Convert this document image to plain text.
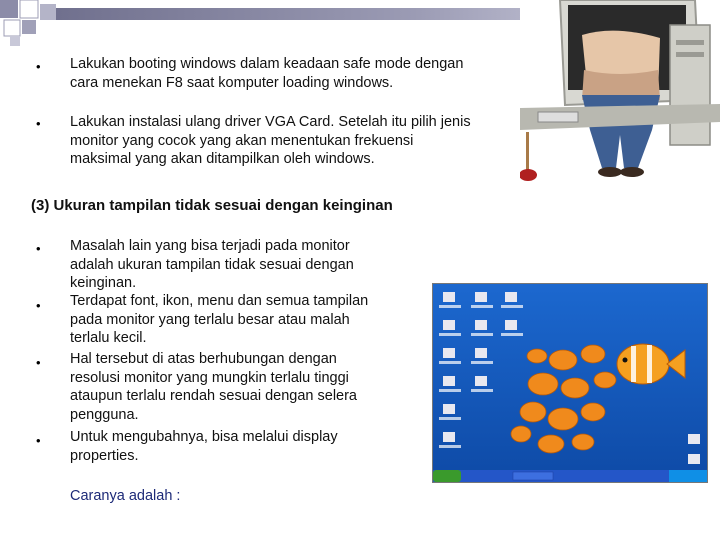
• Lakukan booting windows dalam keadaan safe mode dengan
cara menekan F8 saat komputer loading windows.
• Lakukan instalasi ulang driver VGA Card. Setelah itu pilih jenis
monitor yang cocok yang akan menentukan frekuensi
maksimal yang akan ditampilkan oleh windows.
(3) Ukuran tampilan tidak sesuai dengan keinginan
• Masalah lain yang bisa terjadi pada monitor
adalah ukuran tampilan tidak sesuai dengan
keinginan.
• Terdapat font, ikon, menu dan semua tampilan
pada monitor yang terlalu besar atau malah
terlalu kecil.
• Hal tersebut di atas berhubungan dengan
resolusi monitor yang mungkin terlalu tinggi
ataupun terlalu rendah sesuai dengan selera
pengguna.
• Untuk mengubahnya, bisa melalui display
properties.
Caranya adalah :
